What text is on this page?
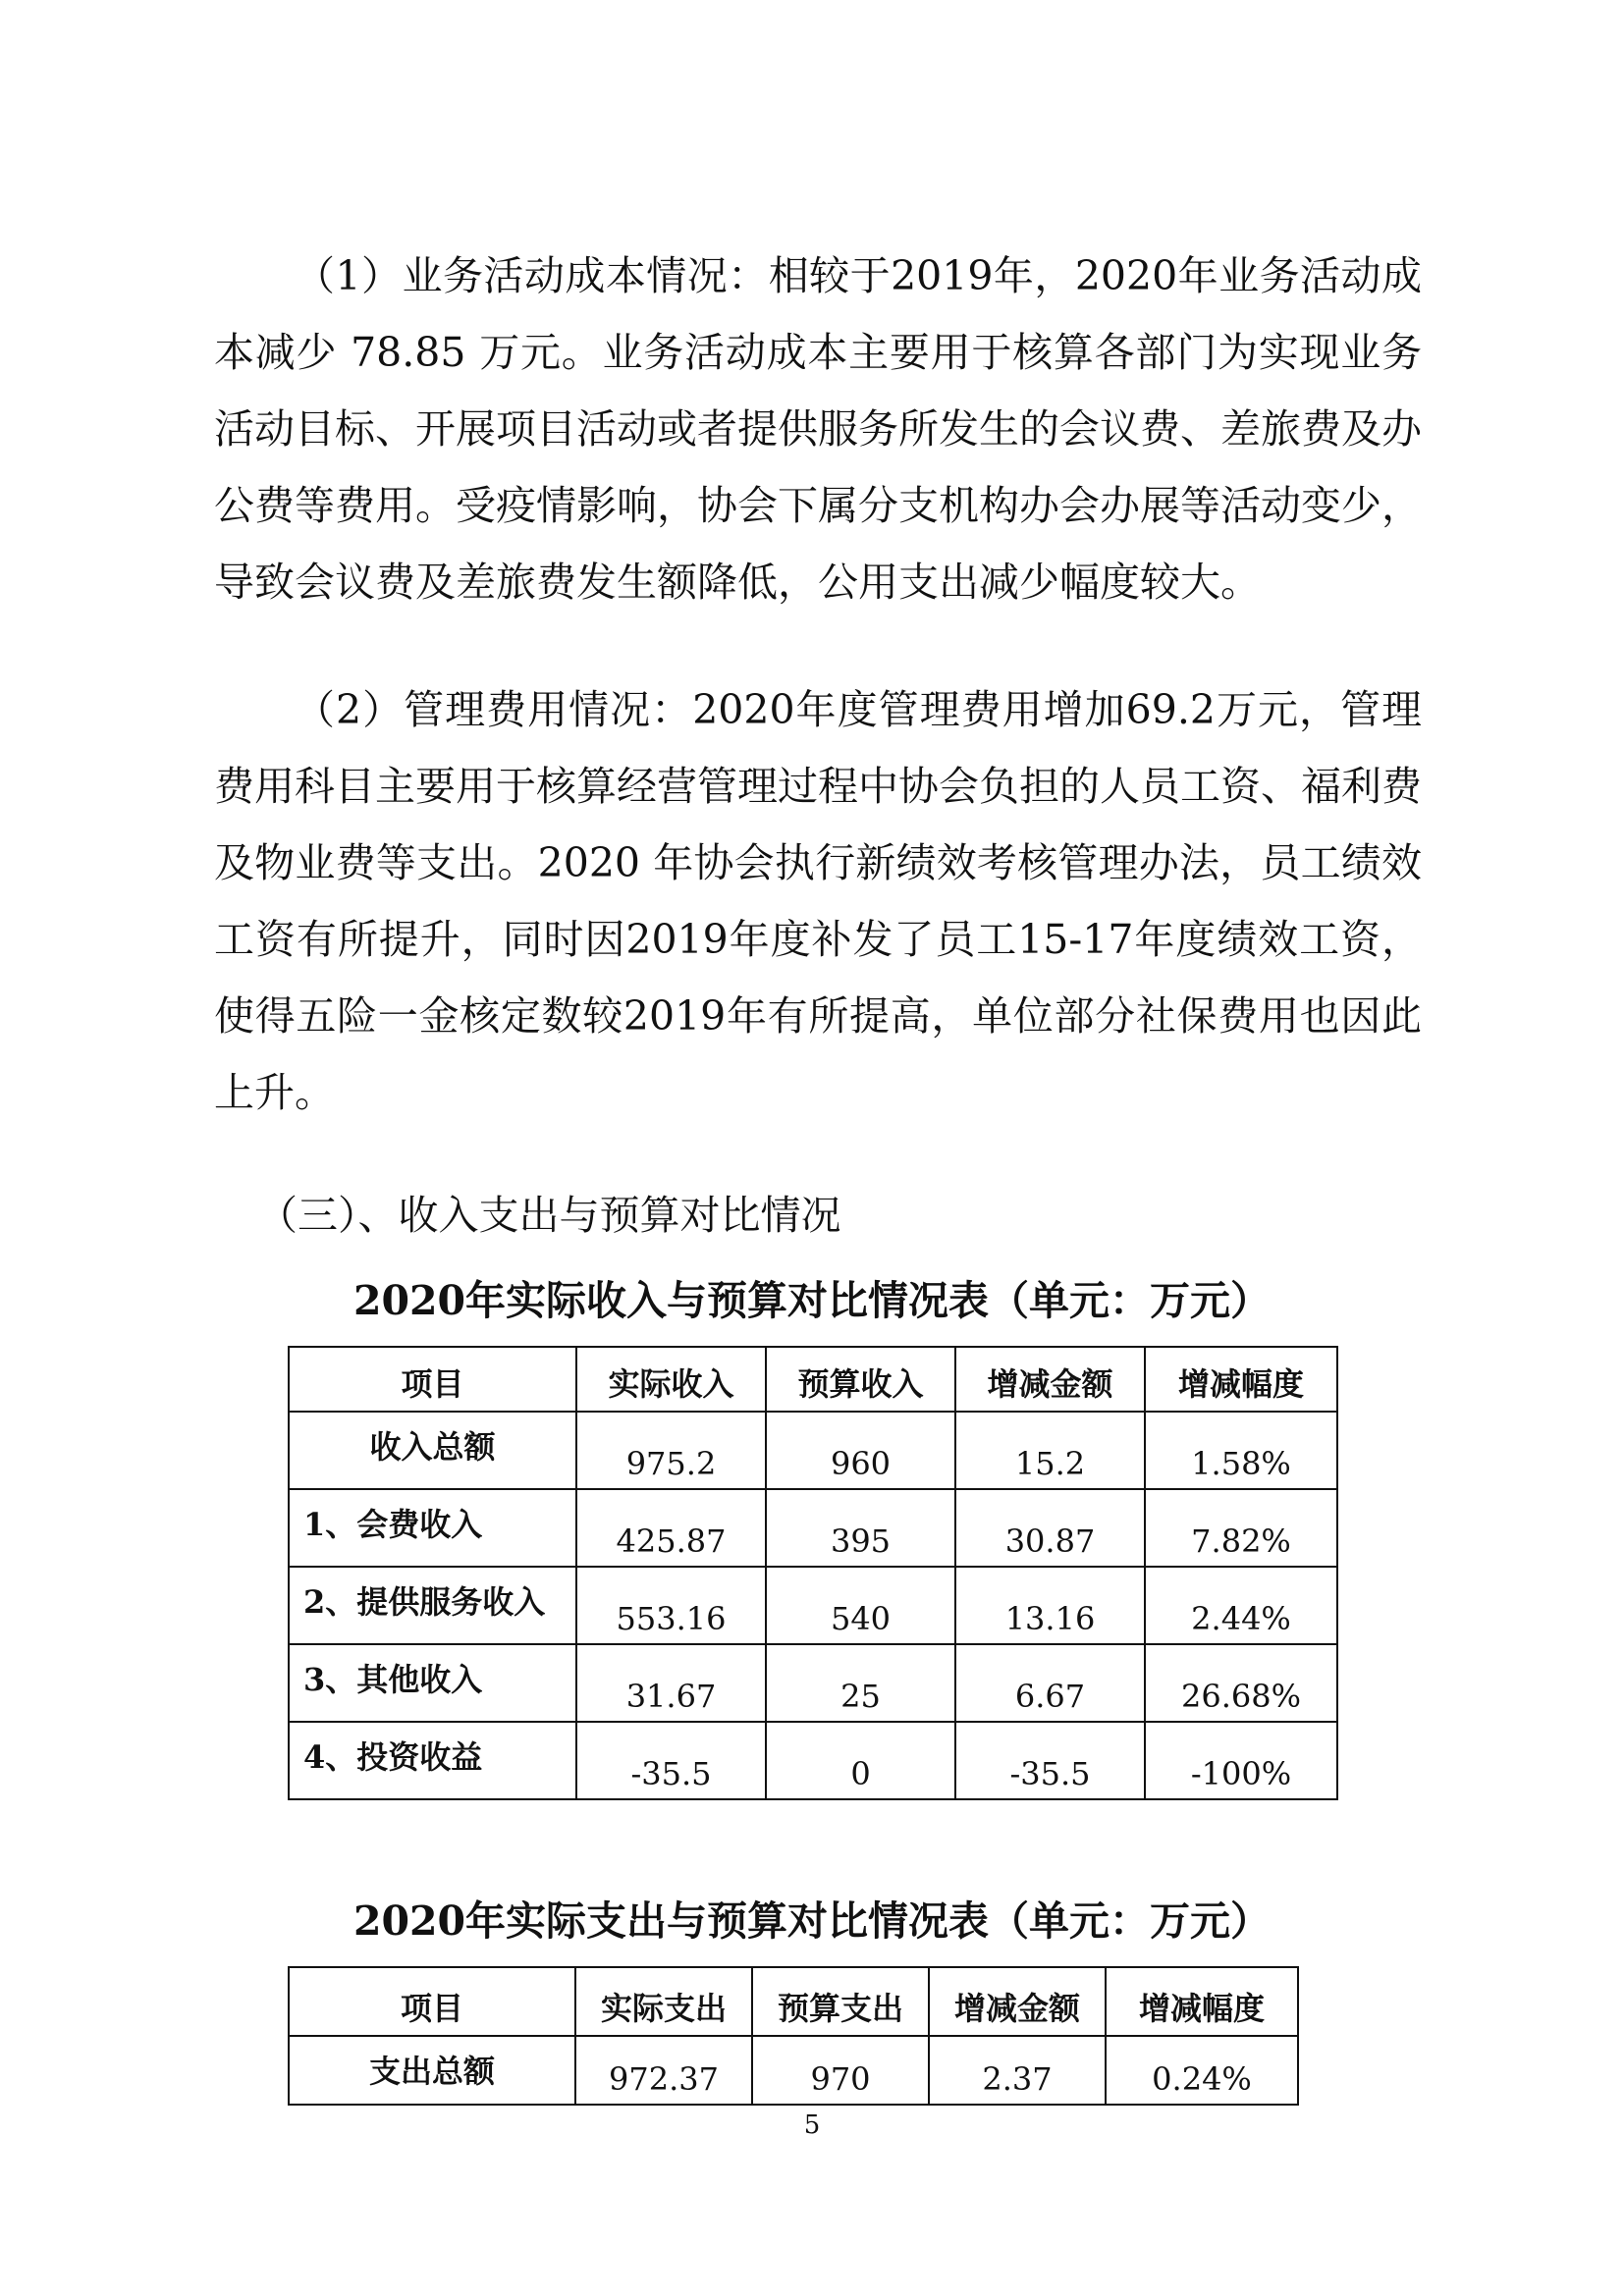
（1）业务活动成本情况：相较于2019年，2020年业务活动成本减少 78.85 万元。业务活动成本主要用于核算各部门为实现业务活动目标、开展项目活动或者提供服务所发生的会议费、差旅费及办公费等费用。受疫情影响，协会下属分支机构办会办展等活动变少，导致会议费及差旅费发生额降低，公用支出减少幅度较大。

（2）管理费用情况：2020年度管理费用增加69.2万元，管理费用科目主要用于核算经营管理过程中协会负担的人员工资、福利费及物业费等支出。2020 年协会执行新绩效考核管理办法，员工绩效工资有所提升，同时因2019年度补发了员工15-17年度绩效工资，使得五险一金核定数较2019年有所提高，单位部分社保费用也因此上升。

（三）、收入支出与预算对比情况

2020年实际收入与预算对比情况表（单元：万元）

项目	实际收入	预算收入	增减金额	增减幅度
收入总额	975.2	960	15.2	1.58%
1、会费收入	425.87	395	30.87	7.82%
2、提供服务收入	553.16	540	13.16	2.44%
3、其他收入	31.67	25	6.67	26.68%
4、投资收益	-35.5	0	-35.5	-100%

2020年实际支出与预算对比情况表（单元：万元）

项目	实际支出	预算支出	增减金额	增减幅度
支出总额	972.37	970	2.37	0.24%

5
